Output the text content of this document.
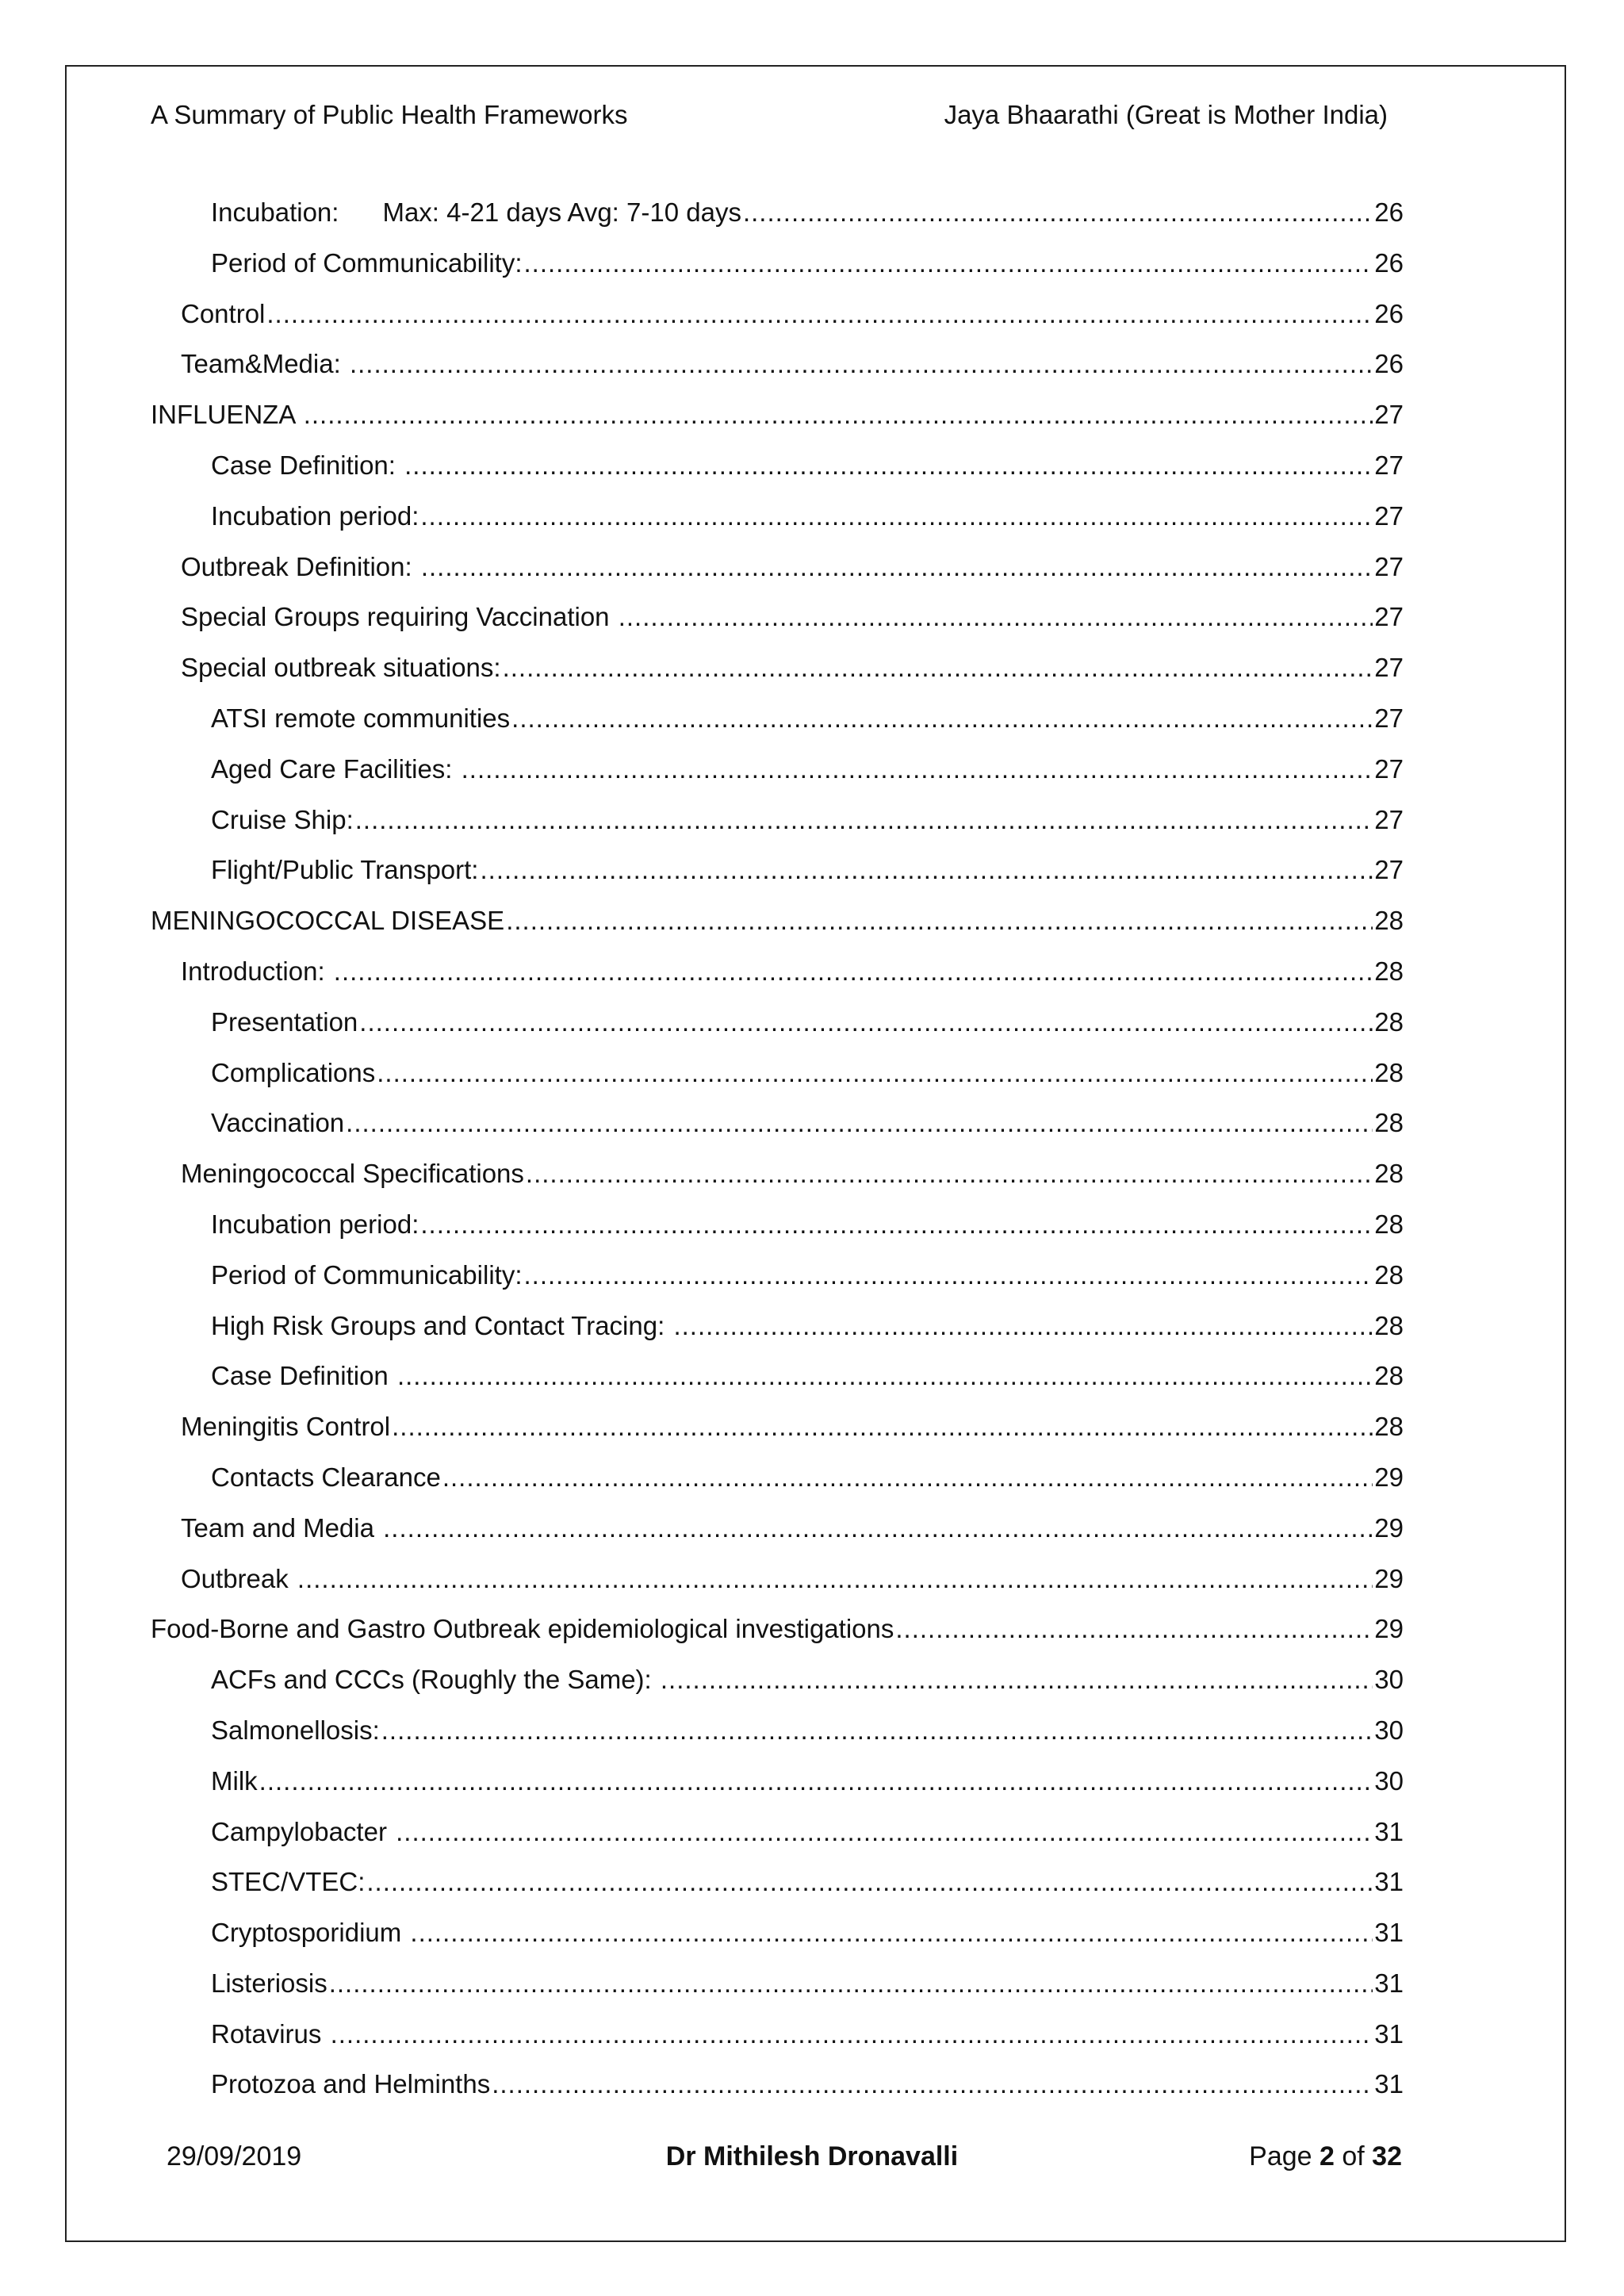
A Summary of Public Health Frameworks	Jaya Bhaarathi (Great is Mother India)
Incubation:      Max: 4-21 days Avg: 7-10 days .....	26
Period of Communicability: .....	26
Control .....	26
Team&Media: .....	26
INFLUENZA .....	27
Case Definition: .....	27
Incubation period: .....	27
Outbreak Definition: .....	27
Special Groups requiring Vaccination .....	27
Special outbreak situations: .....	27
ATSI remote communities .....	27
Aged Care Facilities: .....	27
Cruise Ship: .....	27
Flight/Public Transport: .....	27
MENINGOCOCCAL DISEASE .....	28
Introduction: .....	28
Presentation .....	28
Complications .....	28
Vaccination .....	28
Meningococcal Specifications .....	28
Incubation period: .....	28
Period of Communicability: .....	28
High Risk Groups and Contact Tracing: .....	28
Case Definition .....	28
Meningitis Control .....	28
Contacts Clearance .....	29
Team and Media .....	29
Outbreak .....	29
Food-Borne and Gastro Outbreak epidemiological investigations .....	29
ACFs and CCCs (Roughly the Same): .....	30
Salmonellosis: .....	30
Milk .....	30
Campylobacter .....	31
STEC/VTEC: .....	31
Cryptosporidium .....	31
Listeriosis .....	31
Rotavirus .....	31
Protozoa and Helminths .....	31
29/09/2019	Dr Mithilesh Dronavalli	Page 2 of 32
